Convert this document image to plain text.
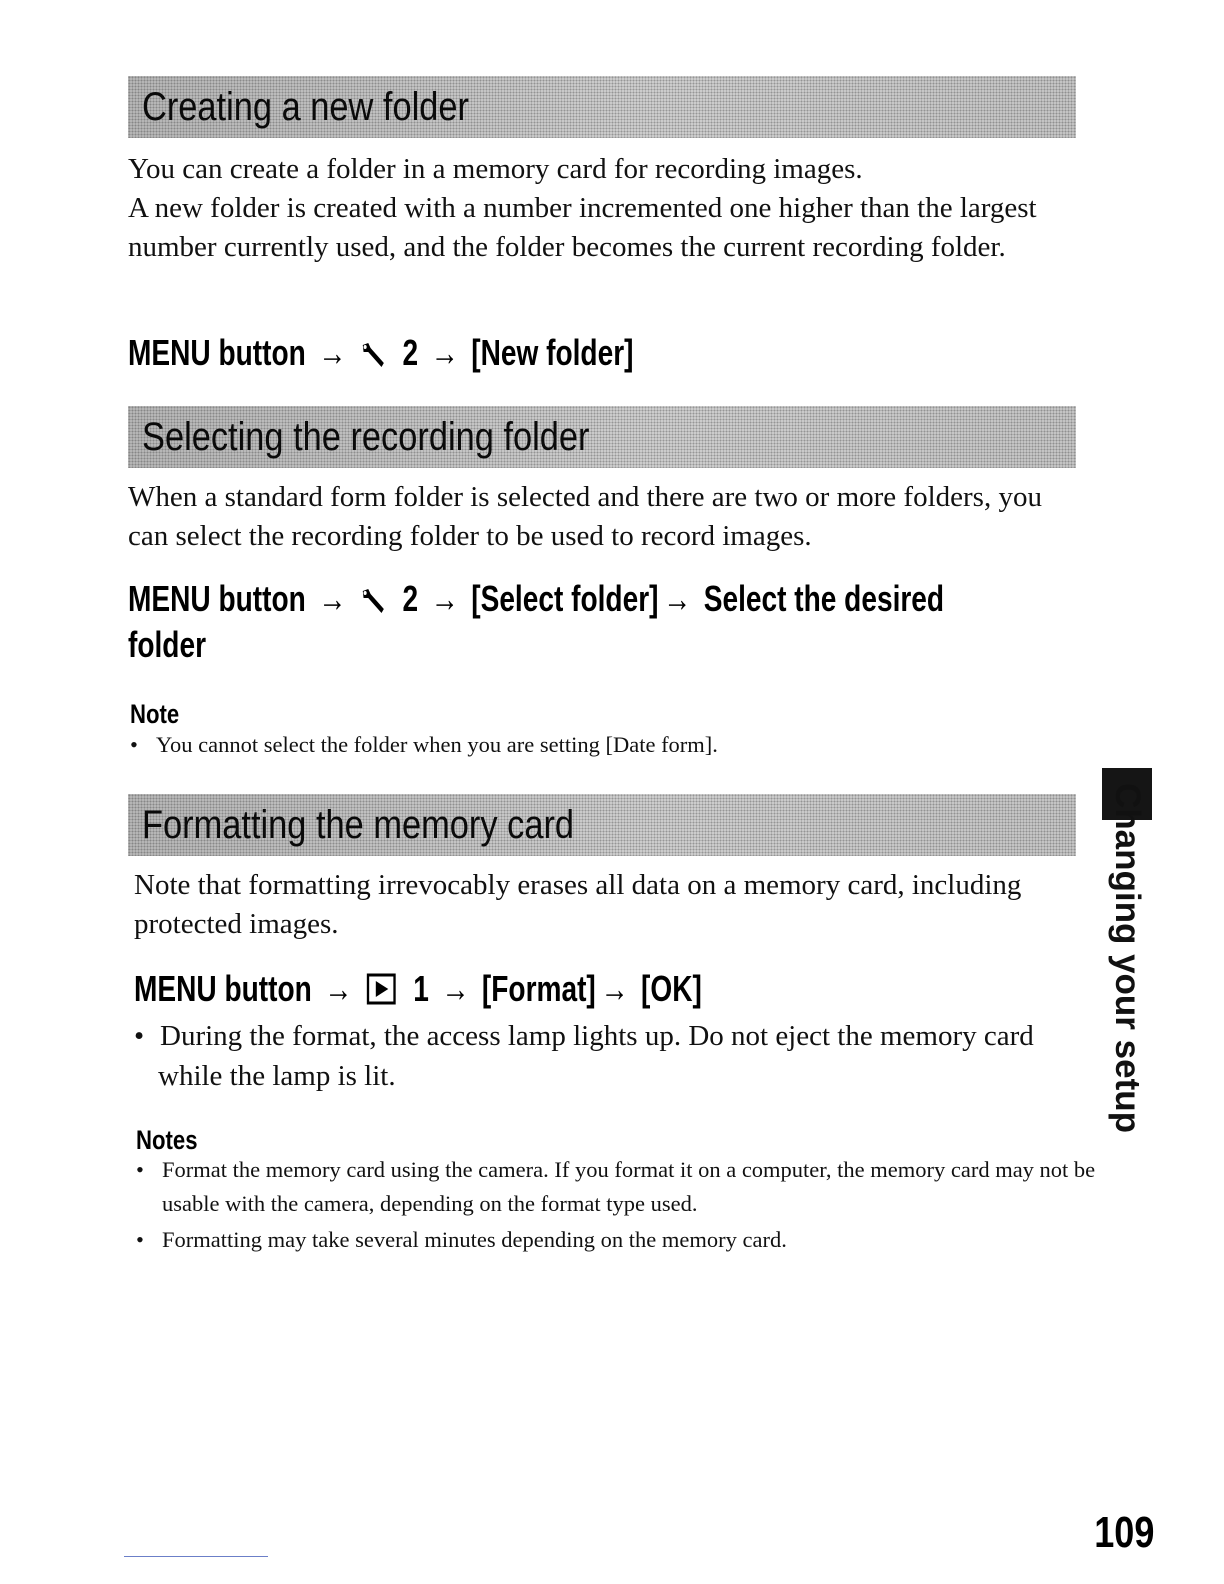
Creating a new folder

You can create a folder in a memory card for recording images.
A new folder is created with a number incremented one higher than the largest number currently used, and the folder becomes the current recording folder.

MENU button → 2 → [New folder]
Selecting the recording folder

When a standard form folder is selected and there are two or more folders, you can select the recording folder to be used to record images.

MENU button → 2 → [Select folder] → Select the desired
folder
Note

• You cannot select the folder when you are setting [Date form].

Formatting the memory card

Note that formatting irrevocably erases all data on a memory card, including protected images.

MENU button → 1 → [Format] → [OK]

• During the format, the access lamp lights up. Do not eject the memory card while the lamp is lit.

Notes

• Format the memory card using the camera. If you format it on a computer, the memory card may not be usable with the camera, depending on the format type used.

• Formatting may take several minutes depending on the memory card.

Changing your setup
109
